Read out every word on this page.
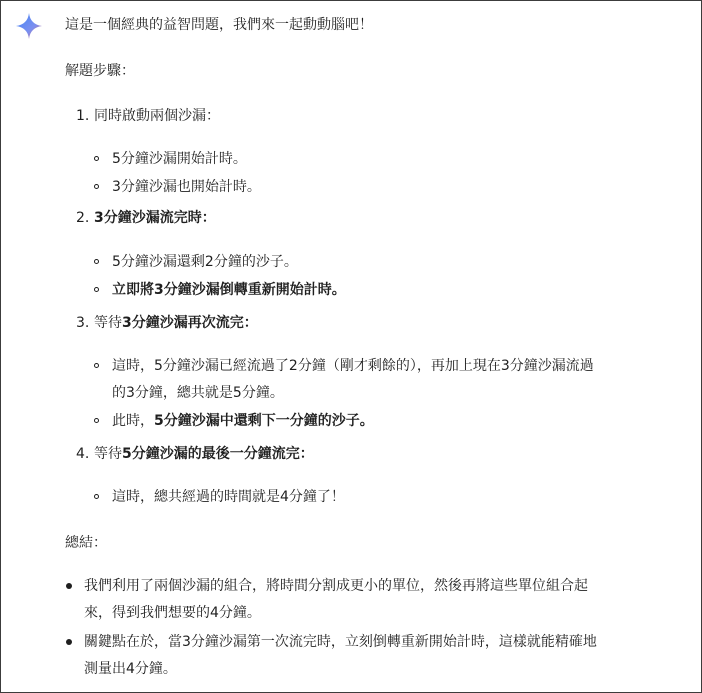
這是一個經典的益智問題，我們來一起動動腦吧！
解題步驟：
1. 同時啟動兩個沙漏：
5分鐘沙漏開始計時。
3分鐘沙漏也開始計時。
2. 3分鐘沙漏流完時：
5分鐘沙漏還剩2分鐘的沙子。
立即將3分鐘沙漏倒轉重新開始計時。
3. 等待3分鐘沙漏再次流完：
這時，5分鐘沙漏已經流過了2分鐘（剛才剩餘的），再加上現在3分鐘沙漏流過
的3分鐘，總共就是5分鐘。
此時，5分鐘沙漏中還剩下一分鐘的沙子。
4. 等待5分鐘沙漏的最後一分鐘流完：
這時，總共經過的時間就是4分鐘了！
總結：
我們利用了兩個沙漏的組合，將時間分割成更小的單位，然後再將這些單位組合起
來，得到我們想要的4分鐘。
關鍵點在於，當3分鐘沙漏第一次流完時，立刻倒轉重新開始計時，這樣就能精確地
測量出4分鐘。
